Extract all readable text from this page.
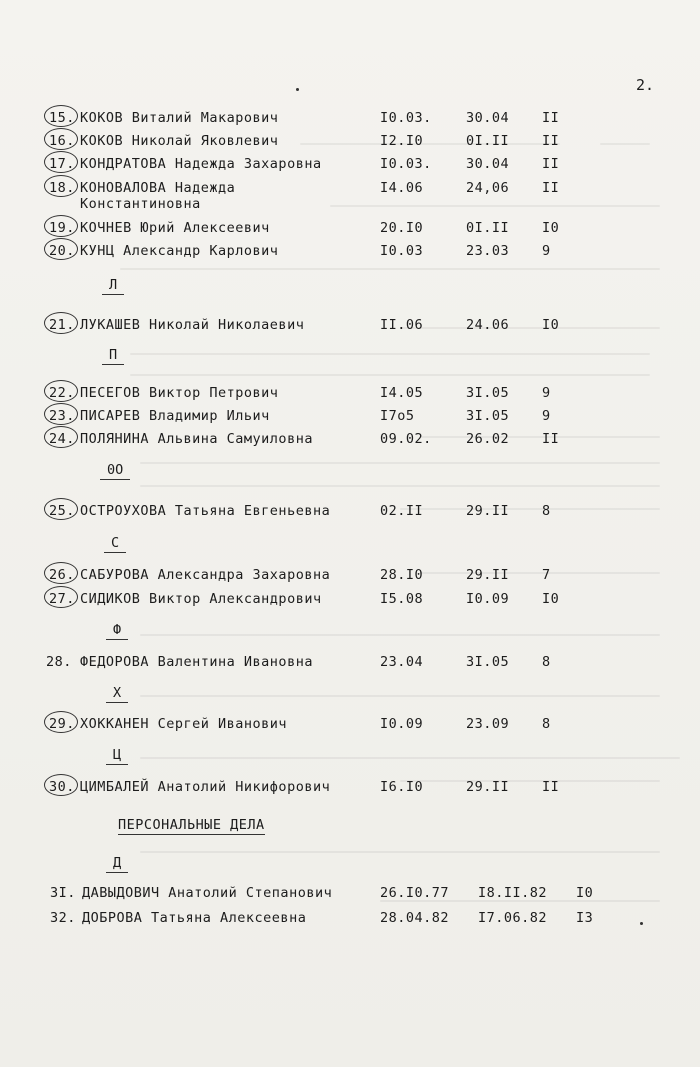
2.
15. КОКОВ Виталий Макарович	I0.03.	30.04 II
16. КОКОВ Николай Яковлевич	I2.I0	0I.II II
17. КОНДРАТОВА Надежда Захаровна	I0.03.	30.04 II
18. КОНОВАЛОВА Надежда
Константиновна
I4.06	24,06 II
19. КОЧНЕВ Юрий Алексеевич	20.I0	0I.II I0
20. КУНЦ Александр Карлович	I0.03	23.03 9
Л
21. ЛУКАШЕВ Николай Николаевич	II.06	24.06 I0
П
22. ПЕСЕГОВ Виктор Петрович	I4.05	3I.05 9
23. ПИСАРЕВ Владимир Ильич	I7o5	3I.05 9
24. ПОЛЯНИНА Альвина Самуиловна	09.02.	26.02 II
0О
25. ОСТРОУХОВА Татьяна Евгеньевна	02.II	29.II 8
С
26. САБУРОВА Александра Захаровна	28.I0	29.II 7
27. СИДИКОВ Виктор Александрович	I5.08	I0.09 I0
Ф
28. ФЕДОРОВА Валентина Ивановна	23.04	3I.05 8
Х
29. ХОККАНЕН Сергей Иванович	I0.09	23.09 8
Ц
30. ЦИМБАЛЕЙ Анатолий Никифорович	I6.I0	29.II II
ПЕРСОНАЛЬНЫЕ ДЕЛА
Д
3I. ДАВЫДОВИЧ Анатолий Степанович	26.I0.77 I8.II.82 I0
32. ДОБРОВА Татьяна Алексеевна	28.04.82 I7.06.82 I3
